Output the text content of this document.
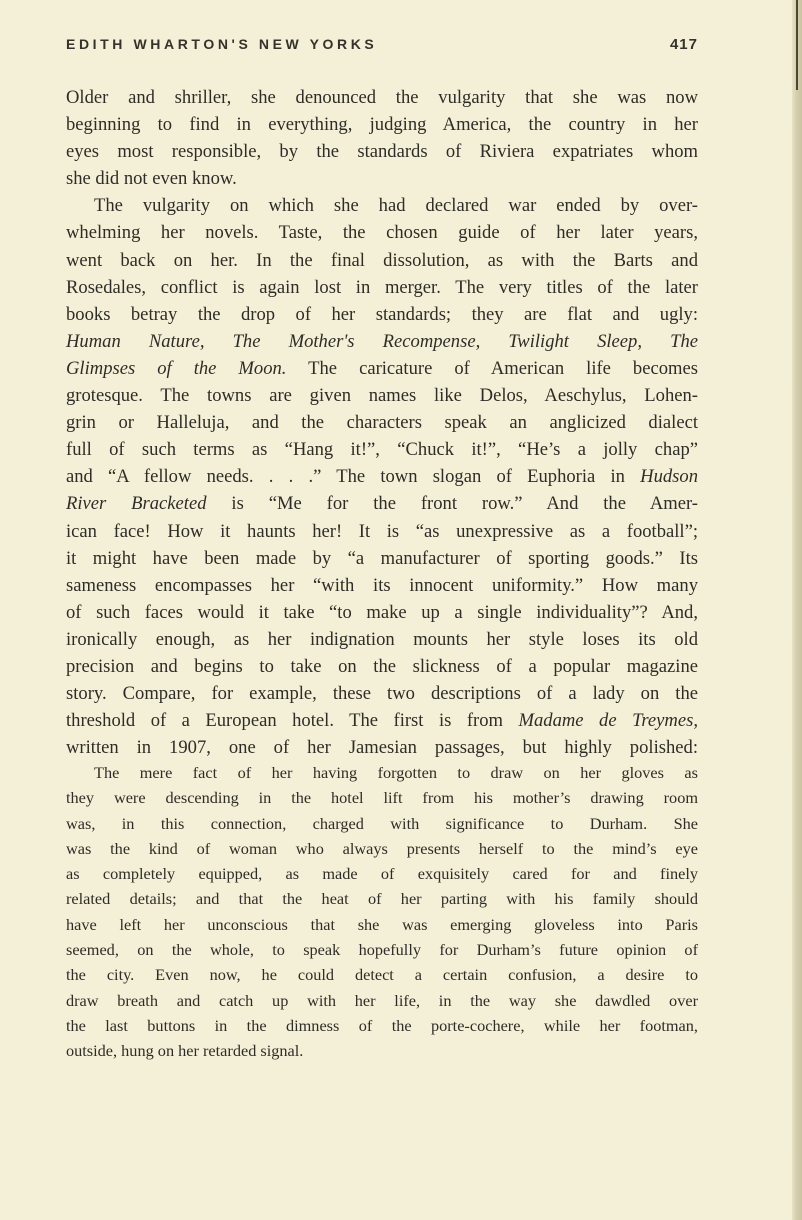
EDITH WHARTON'S NEW YORKS	417

Older and shriller, she denounced the vulgarity that she was now
beginning to find in everything, judging America, the country in her
eyes most responsible, by the standards of Riviera expatriates whom
she did not even know.

The vulgarity on which she had declared war ended by over-
whelming her novels. Taste, the chosen guide of her later years,
went back on her. In the final dissolution, as with the Barts and
Rosedales, conflict is again lost in merger. The very titles of the later
books betray the drop of her standards; they are flat and ugly:
Human Nature, The Mother's Recompense, Twilight Sleep, The
Glimpses of the Moon. The caricature of American life becomes
grotesque. The towns are given names like Delos, Aeschylus, Lohen-
grin or Halleluja, and the characters speak an anglicized dialect
full of such terms as “Hang it!”, “Chuck it!”, “He’s a jolly chap”
and “A fellow needs. . . .” The town slogan of Euphoria in Hudson
River Bracketed is “Me for the front row.” And the Amer-
ican face! How it haunts her! It is “as unexpressive as a football”;
it might have been made by “a manufacturer of sporting goods.” Its
sameness encompasses her “with its innocent uniformity.” How many
of such faces would it take “to make up a single individuality”? And,
ironically enough, as her indignation mounts her style loses its old
precision and begins to take on the slickness of a popular magazine
story. Compare, for example, these two descriptions of a lady on the
threshold of a European hotel. The first is from Madame de Treymes,
written in 1907, one of her Jamesian passages, but highly polished:

The mere fact of her having forgotten to draw on her gloves as
they were descending in the hotel lift from his mother’s drawing room
was, in this connection, charged with significance to Durham. She
was the kind of woman who always presents herself to the mind’s eye
as completely equipped, as made of exquisitely cared for and finely
related details; and that the heat of her parting with his family should
have left her unconscious that she was emerging gloveless into Paris
seemed, on the whole, to speak hopefully for Durham’s future opinion of
the city. Even now, he could detect a certain confusion, a desire to
draw breath and catch up with her life, in the way she dawdled over
the last buttons in the dimness of the porte-cochere, while her footman,
outside, hung on her retarded signal.
